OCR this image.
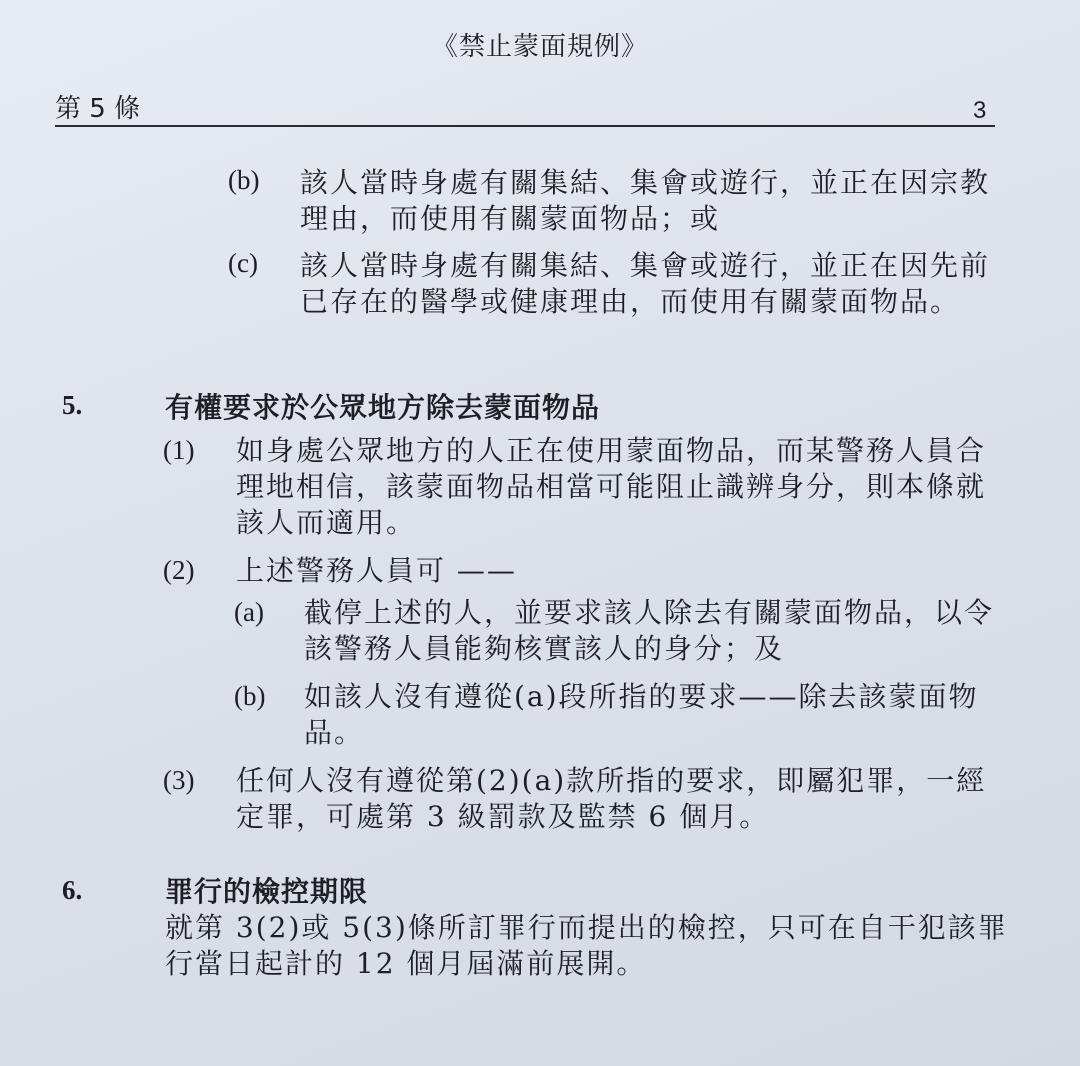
《禁止蒙面規例》
第 5 條	3
(b) 該人當時身處有關集結、集會或遊行，並正在因宗教理由，而使用有關蒙面物品；或
(c) 該人當時身處有關集結、集會或遊行，並正在因先前已存在的醫學或健康理由，而使用有關蒙面物品。
5.	有權要求於公眾地方除去蒙面物品
(1) 如身處公眾地方的人正在使用蒙面物品，而某警務人員合理地相信，該蒙面物品相當可能阻止識辨身分，則本條就該人而適用。
(2) 上述警務人員可 ——
(a) 截停上述的人，並要求該人除去有關蒙面物品，以令該警務人員能夠核實該人的身分；及
(b) 如該人沒有遵從(a)段所指的要求——除去該蒙面物品。
(3) 任何人沒有遵從第(2)(a)款所指的要求，即屬犯罪，一經定罪，可處第 3 級罰款及監禁 6 個月。
6.	罪行的檢控期限
就第 3(2)或 5(3)條所訂罪行而提出的檢控，只可在自干犯該罪行當日起計的 12 個月屆滿前展開。
